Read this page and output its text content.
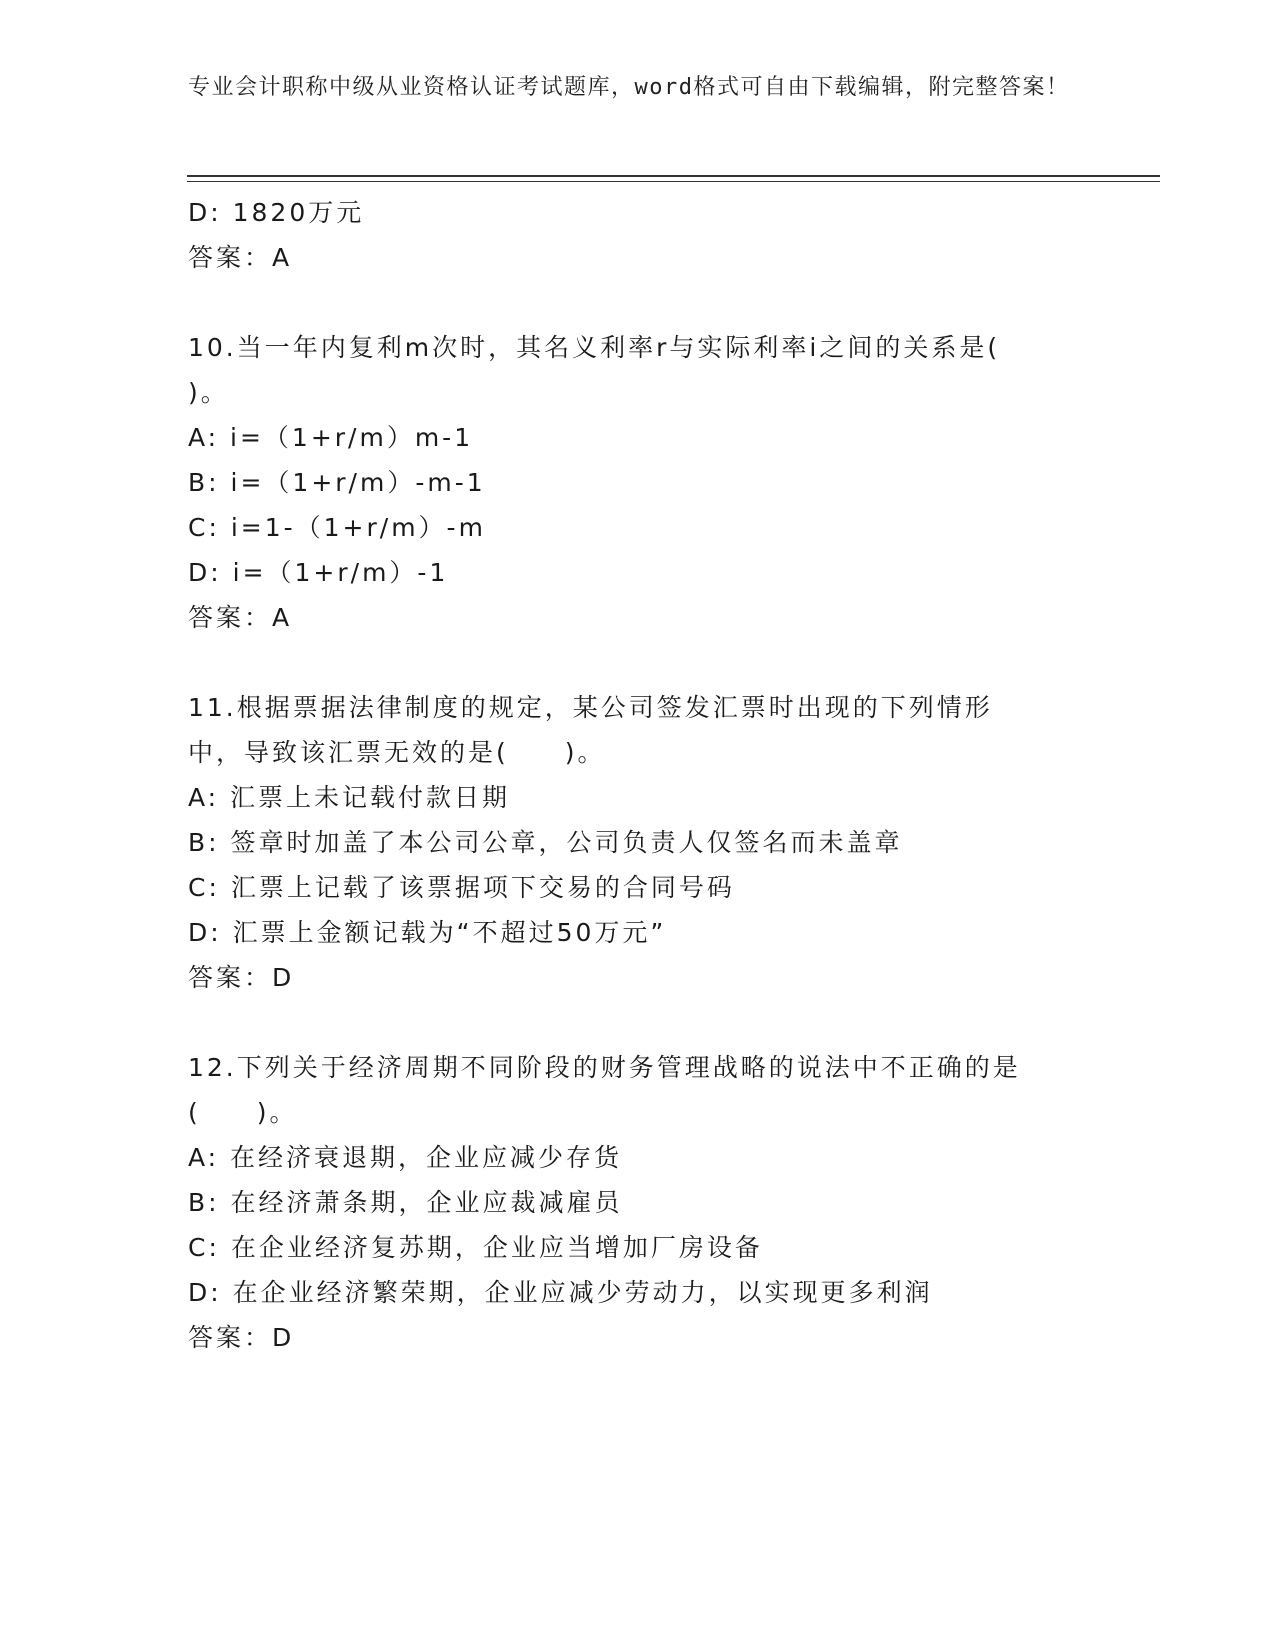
专业会计职称中级从业资格认证考试题库，word格式可自由下载编辑，附完整答案！
D: 1820万元
答案：A
10.当一年内复利m次时，其名义利率r与实际利率i之间的关系是( )。
A: i=（1+r/m）m-1
B: i=（1+r/m）-m-1
C: i=1-（1+r/m）-m
D: i=（1+r/m）-1
答案：A
11.根据票据法律制度的规定，某公司签发汇票时出现的下列情形中，导致该汇票无效的是(　　)。
A: 汇票上未记载付款日期
B: 签章时加盖了本公司公章，公司负责人仅签名而未盖章
C: 汇票上记载了该票据项下交易的合同号码
D: 汇票上金额记载为“不超过50万元”
答案：D
12.下列关于经济周期不同阶段的财务管理战略的说法中不正确的是(　　)。
A: 在经济衰退期，企业应减少存货
B: 在经济萧条期，企业应裁减雇员
C: 在企业经济复苏期，企业应当增加厂房设备
D: 在企业经济繁荣期，企业应减少劳动力，以实现更多利润
答案：D
